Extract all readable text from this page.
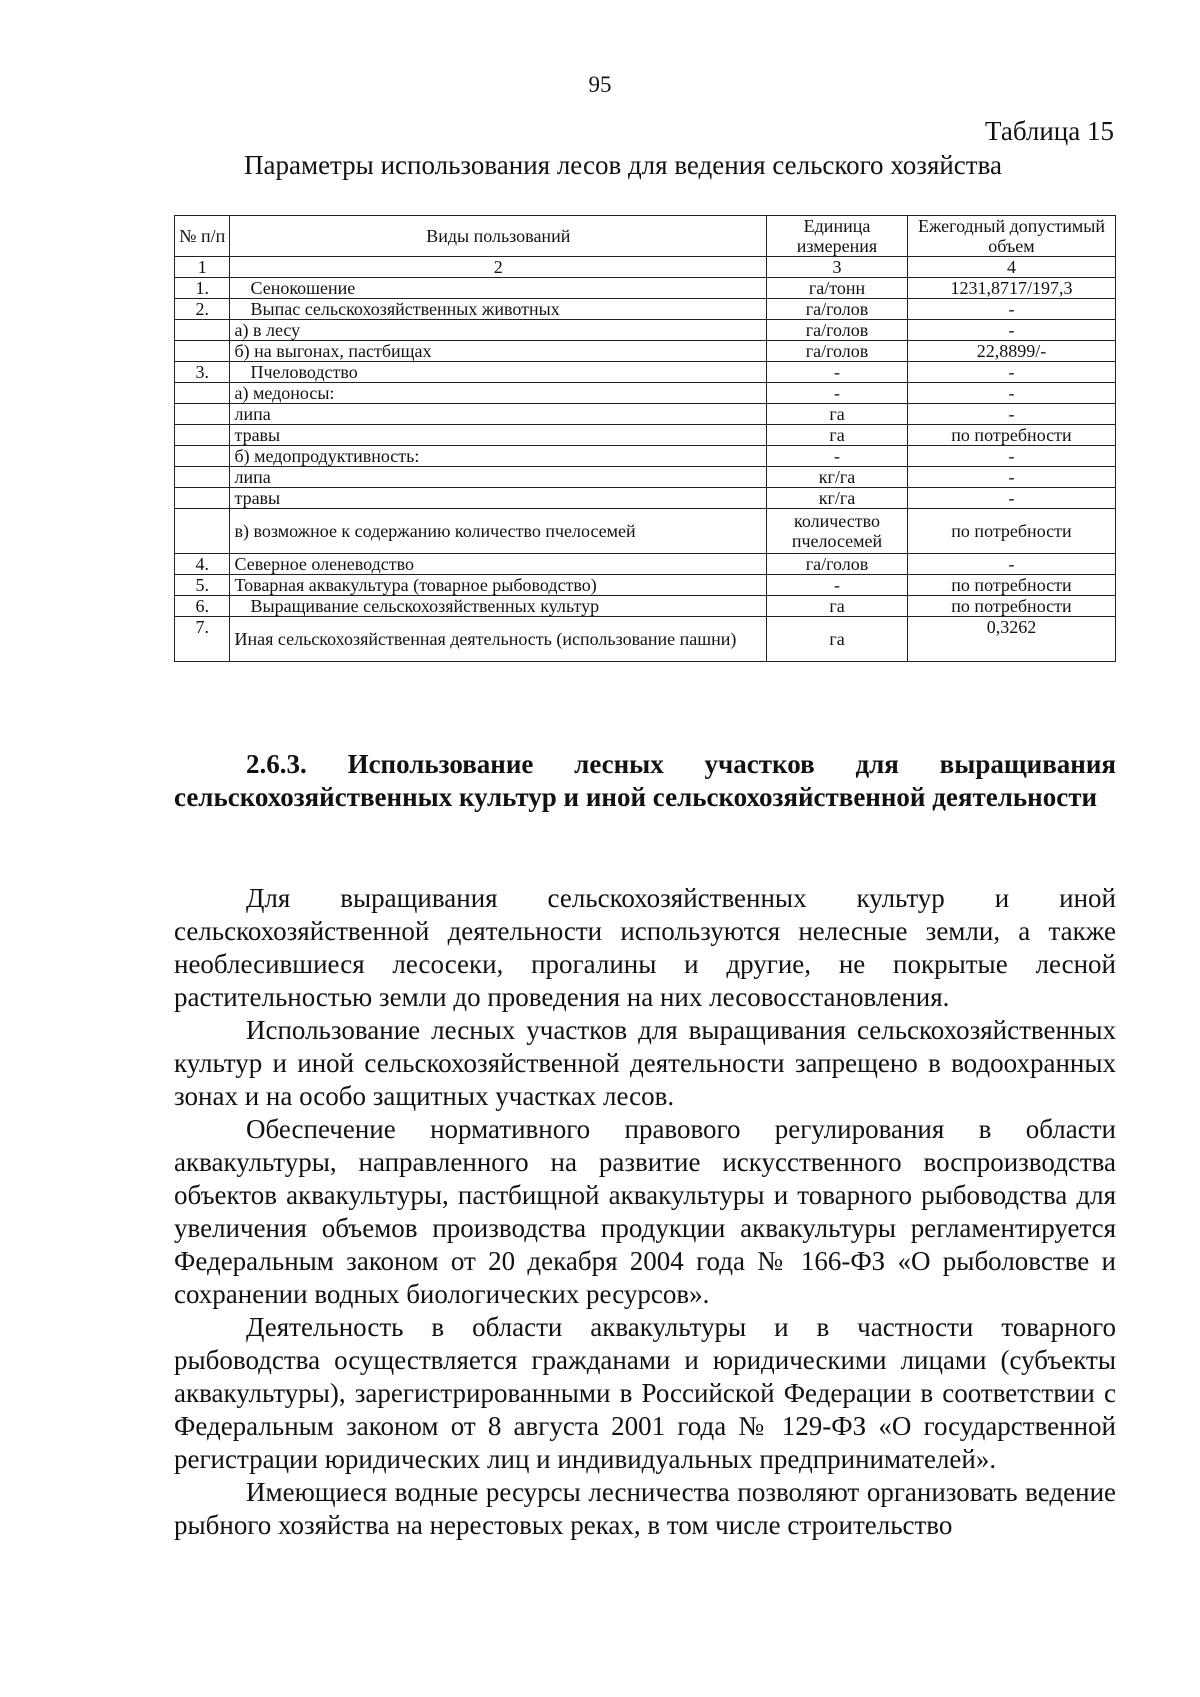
95
Таблица 15
Параметры использования лесов для ведения сельского хозяйства
№ п/п	Виды пользований	Единица измерения	Ежегодный допустимый объем
1	2	3	4
1.	Сенокошение	га/тонн	1231,8717/197,3
2.	Выпас сельскохозяйственных животных	га/голов	-
	а) в лесу	га/голов	-
	б) на выгонах, пастбищах	га/голов	22,8899/-
3.	Пчеловодство	-	-
	а) медоносы:	-	-
	липа	га	-
	травы	га	по потребности
	б) медопродуктивность:	-	-
	липа	кг/га	-
	травы	кг/га	-
	в) возможное к содержанию количество пчелосемей	количество пчелосемей	по потребности
4.	Северное оленеводство	га/голов	-
5.	Товарная аквакультура (товарное рыбоводство)	-	по потребности
6.	Выращивание сельскохозяйственных культур	га	по потребности
7.	Иная сельскохозяйственная деятельность (использование пашни)	га	0,3262
2.6.3. Использование лесных участков для выращивания сельскохозяйственных культур и иной сельскохозяйственной деятельности

Для выращивания сельскохозяйственных культур и иной сельскохозяйственной деятельности используются нелесные земли, а также необлесившиеся лесосеки, прогалины и другие, не покрытые лесной растительностью земли до проведения на них лесовосстановления.

Использование лесных участков для выращивания сельскохозяйственных культур и иной сельскохозяйственной деятельности запрещено в водоохранных зонах и на особо защитных участках лесов.

Обеспечение нормативного правового регулирования в области аквакультуры, направленного на развитие искусственного воспроизводства объектов аквакультуры, пастбищной аквакультуры и товарного рыбоводства для увеличения объемов производства продукции аквакультуры регламентируется Федеральным законом от 20 декабря 2004 года № 166-ФЗ «О рыболовстве и сохранении водных биологических ресурсов».

Деятельность в области аквакультуры и в частности товарного рыбоводства осуществляется гражданами и юридическими лицами (субъекты аквакультуры), зарегистрированными в Российской Федерации в соответствии с Федеральным законом от 8 августа 2001 года № 129-ФЗ «О государственной регистрации юридических лиц и индивидуальных предпринимателей».

Имеющиеся водные ресурсы лесничества позволяют организовать ведение рыбного хозяйства на нерестовых реках, в том числе строительство
